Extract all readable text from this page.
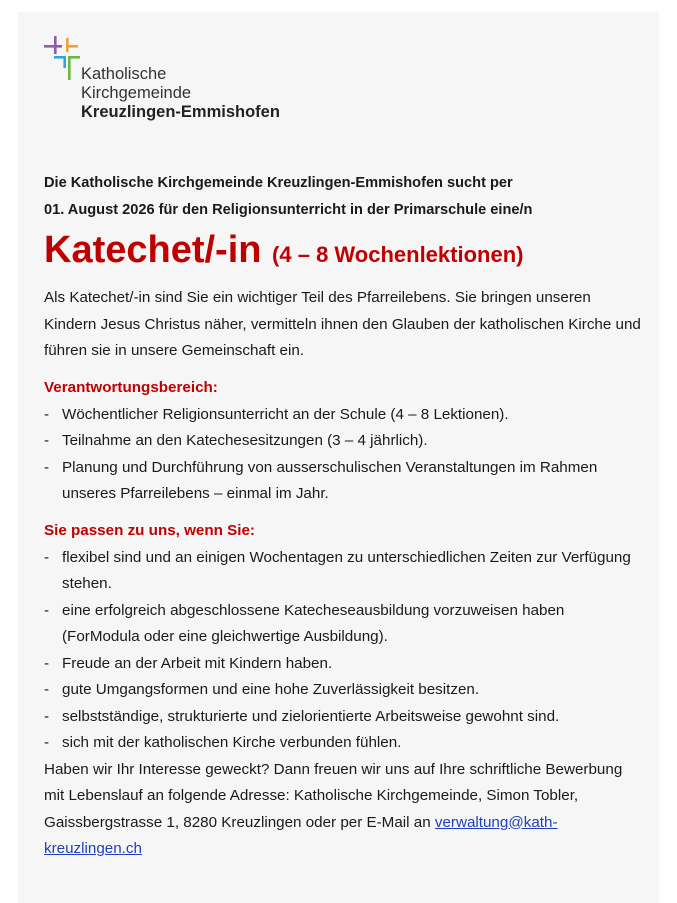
Katholische
Kirchgemeinde
Kreuzlingen-Emmishofen
Die Katholische Kirchgemeinde Kreuzlingen-Emmishofen sucht per
01. August 2026 für den Religionsunterricht in der Primarschule eine/n
Katechet/-in (4 – 8 Wochenlektionen)

Als Katechet/-in sind Sie ein wichtiger Teil des Pfarreilebens. Sie bringen unseren Kindern Jesus Christus näher, vermitteln ihnen den Glauben der katholischen Kirche und führen sie in unsere Gemeinschaft ein.

Verantwortungsbereich:
- Wöchentlicher Religionsunterricht an der Schule (4 – 8 Lektionen).
- Teilnahme an den Katechesesitzungen (3 – 4 jährlich).
- Planung und Durchführung von ausserschulischen Veranstaltungen im Rahmen unseres Pfarreilebens – einmal im Jahr.
Sie passen zu uns, wenn Sie:
- flexibel sind und an einigen Wochentagen zu unterschiedlichen Zeiten zur Verfügung stehen.
- eine erfolgreich abgeschlossene Katecheseausbildung vorzuweisen haben (ForModula oder eine gleichwertige Ausbildung).
- Freude an der Arbeit mit Kindern haben.
- gute Umgangsformen und eine hohe Zuverlässigkeit besitzen.
- selbstständige, strukturierte und zielorientierte Arbeitsweise gewohnt sind.
- sich mit der katholischen Kirche verbunden fühlen.

Haben wir Ihr Interesse geweckt? Dann freuen wir uns auf Ihre schriftliche Bewerbung mit Lebenslauf an folgende Adresse: Katholische Kirchgemeinde, Simon Tobler, Gaissbergstrasse 1, 8280 Kreuzlingen oder per E-Mail an verwaltung@kath-kreuzlingen.ch
